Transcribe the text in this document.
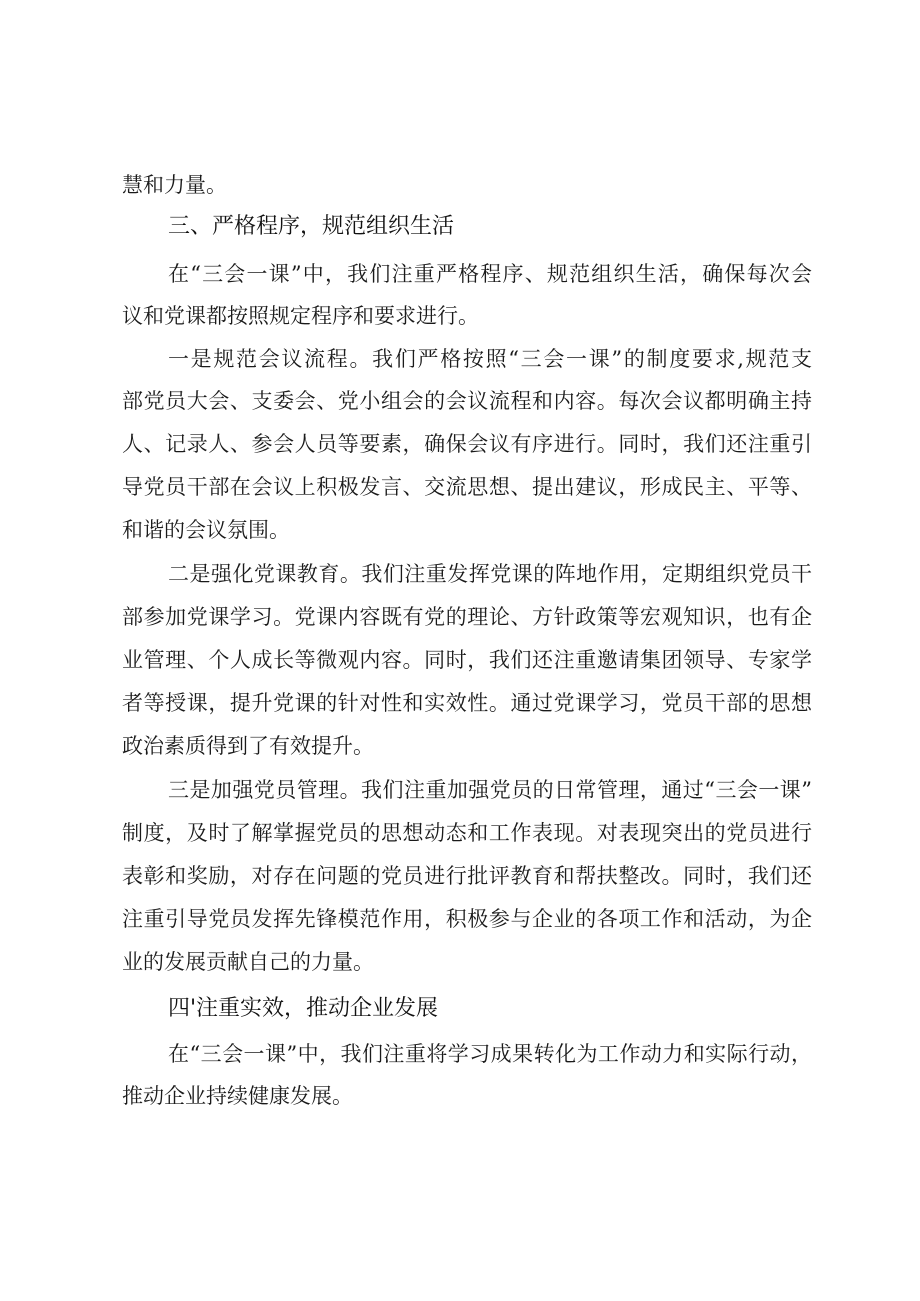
慧和力量。
三、严格程序，规范组织生活
在“三会一课”中，我们注重严格程序、规范组织生活，确保每次会
议和党课都按照规定程序和要求进行。
一是规范会议流程。我们严格按照“三会一课”的制度要求,规范支
部党员大会、支委会、党小组会的会议流程和内容。每次会议都明确主持
人、记录人、参会人员等要素，确保会议有序进行。同时，我们还注重引
导党员干部在会议上积极发言、交流思想、提出建议，形成民主、平等、
和谐的会议氛围。
二是强化党课教育。我们注重发挥党课的阵地作用，定期组织党员干
部参加党课学习。党课内容既有党的理论、方针政策等宏观知识，也有企
业管理、个人成长等微观内容。同时，我们还注重邀请集团领导、专家学
者等授课，提升党课的针对性和实效性。通过党课学习，党员干部的思想
政治素质得到了有效提升。
三是加强党员管理。我们注重加强党员的日常管理，通过“三会一课”
制度，及时了解掌握党员的思想动态和工作表现。对表现突出的党员进行
表彰和奖励，对存在问题的党员进行批评教育和帮扶整改。同时，我们还
注重引导党员发挥先锋模范作用，积极参与企业的各项工作和活动，为企
业的发展贡献自己的力量。
四'注重实效，推动企业发展
在“三会一课”中，我们注重将学习成果转化为工作动力和实际行动，
推动企业持续健康发展。
